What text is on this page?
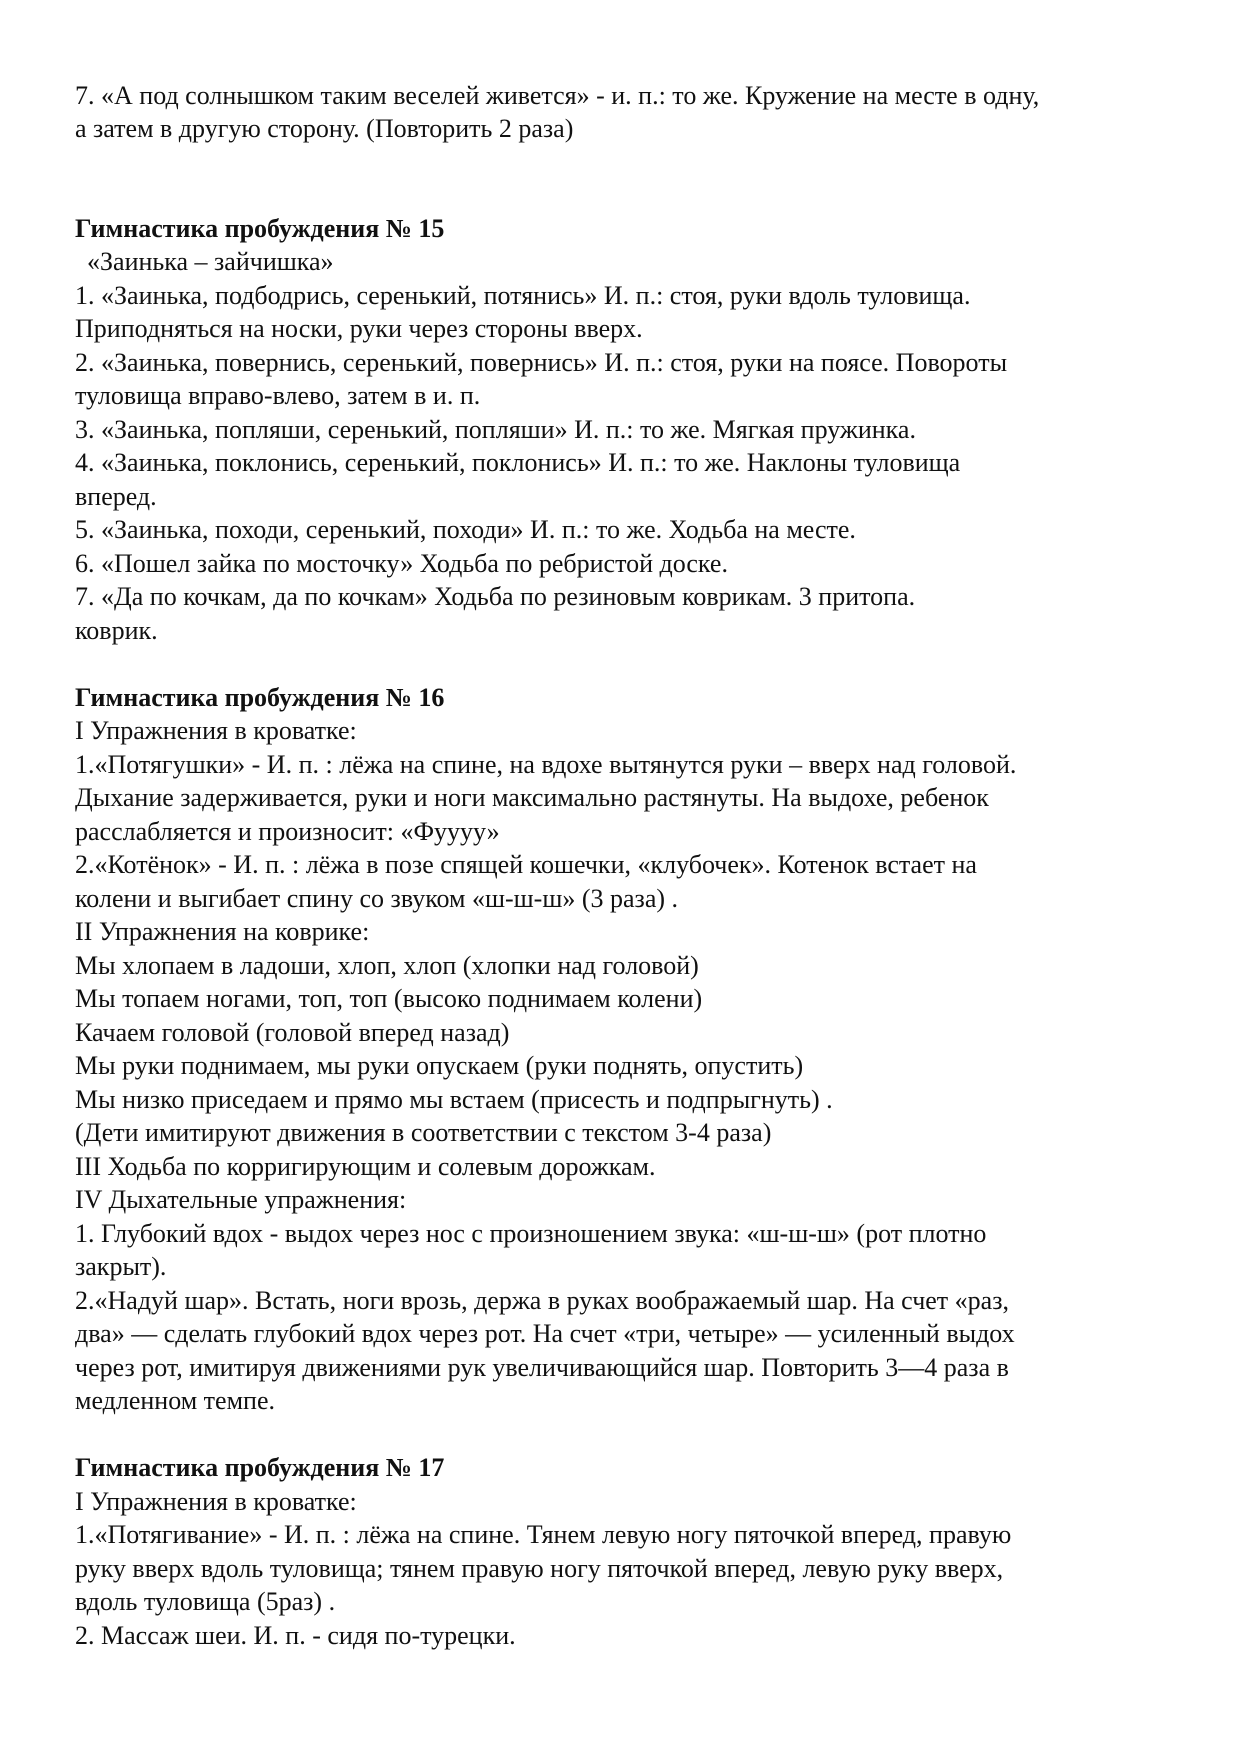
7. «А под солнышком таким веселей живется» - и. п.: то же. Кружение на месте в одну,
а затем в другую сторону. (Повторить 2 раза)
Гимнастика пробуждения № 15
«Заинька – зайчишка»
1. «Заинька, подбодрись, серенький, потянись» И. п.: стоя, руки вдоль туловища.
Приподняться на носки, руки через стороны вверх.
2. «Заинька, повернись, серенький, повернись» И. п.: стоя, руки на поясе. Повороты
туловища вправо-влево, затем в и. п.
3. «Заинька, попляши, серенький, попляши» И. п.: то же. Мягкая пружинка.
4. «Заинька, поклонись, серенький, поклонись» И. п.: то же. Наклоны туловища
вперед.
5. «Заинька, походи, серенький, походи» И. п.: то же. Ходьба на месте.
6. «Пошел зайка по мосточку» Ходьба по ребристой доске.
7. «Да по кочкам, да по кочкам» Ходьба по резиновым коврикам. 3 притопа.
коврик.
Гимнастика пробуждения № 16
I Упражнения в кроватке:
1.«Потягушки» - И. п. : лёжа на спине, на вдохе вытянутся руки – вверх над головой.
Дыхание задерживается, руки и ноги максимально растянуты. На выдохе, ребенок
расслабляется и произносит: «Фуууу»
2.«Котёнок» - И. п. : лёжа в позе спящей кошечки, «клубочек». Котенок встает на
колени и выгибает спину со звуком «ш-ш-ш» (3 раза) .
II Упражнения на коврике:
Мы хлопаем в ладоши, хлоп, хлоп (хлопки над головой)
Мы топаем ногами, топ, топ (высоко поднимаем колени)
Качаем головой (головой вперед назад)
Мы руки поднимаем, мы руки опускаем (руки поднять, опустить)
Мы низко приседаем и прямо мы встаем (присесть и подпрыгнуть) .
(Дети имитируют движения в соответствии с текстом 3-4 раза)
III Ходьба по корригирующим и солевым дорожкам.
IV Дыхательные упражнения:
1. Глубокий вдох - выдох через нос с произношением звука: «ш-ш-ш» (рот плотно
закрыт).
2.«Надуй шар». Встать, ноги врозь, держа в руках воображаемый шар. На счет «раз,
два» — сделать глубокий вдох через рот. На счет «три, четыре» — усиленный выдох
через рот, имитируя движениями рук увеличивающийся шар. Повторить 3—4 раза в
медленном темпе.
Гимнастика пробуждения № 17
I Упражнения в кроватке:
1.«Потягивание» - И. п. : лёжа на спине. Тянем левую ногу пяточкой вперед, правую
руку вверх вдоль туловища; тянем правую ногу пяточкой вперед, левую руку вверх,
вдоль туловища (5раз) .
2. Массаж шеи. И. п. - сидя по-турецки.
